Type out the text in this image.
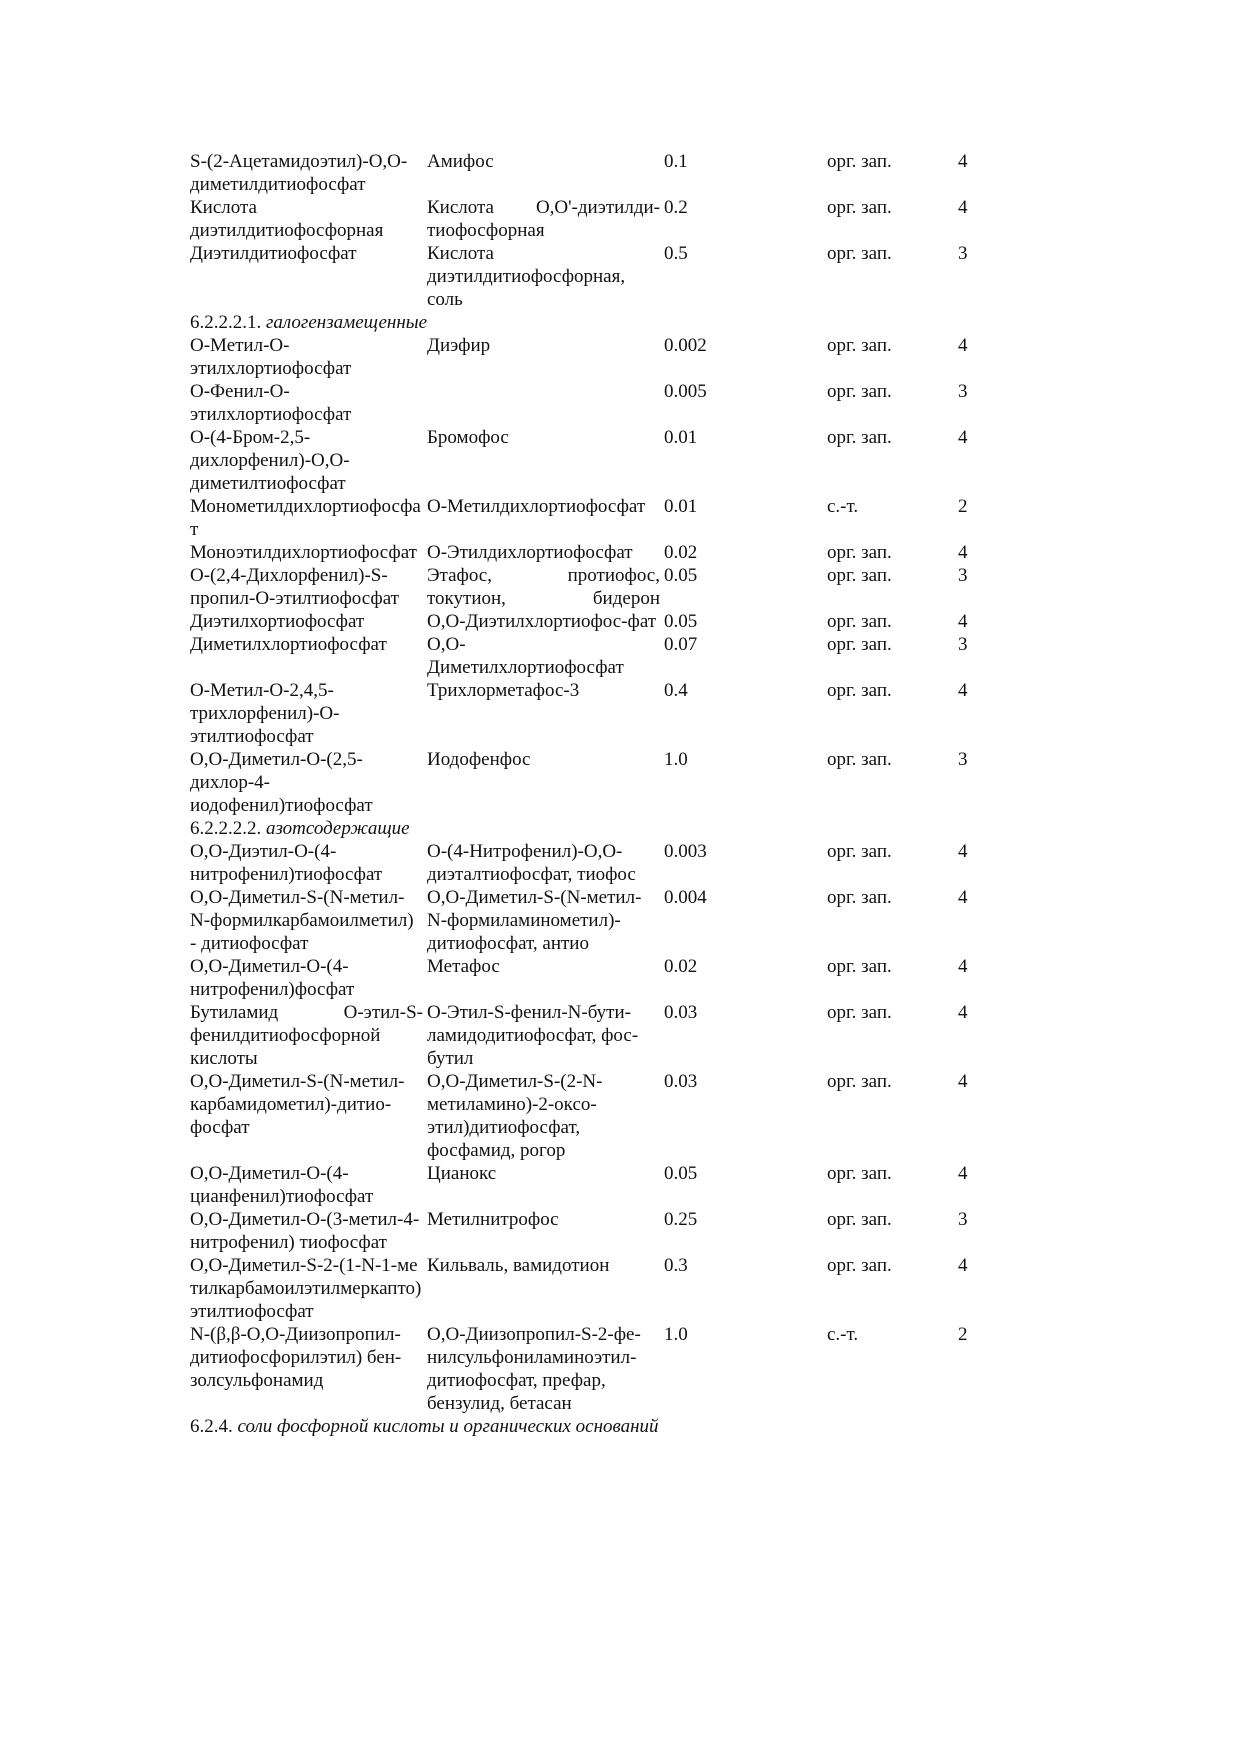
S-(2-Ацетамидоэтил)-O,O-диметилдитиофосфат	Амифос	0.1	орг. зап.	4
Кислота диэтилдитиофосфорная	Кислота О,О'-диэтилди-тиофосфорная	0.2	орг. зап.	4
Диэтилдитиофосфат	Кислота диэтилдитиофосфорная, соль	0.5	орг. зап.	3
6.2.2.2.1. галогензамещенные				
О-Метил-О-этилхлортиофосфат	Диэфир	0.002	орг. зап.	4
О-Фенил-О-этилхлортиофосфат		0.005	орг. зап.	3
O-(4-Бром-2,5-дихлорфенил)-О,О-диметилтиофосфат	Бромофос	0.01	орг. зап.	4
Монометилдихлортиофосфат	О-Метилдихлортиофосфат	0.01	с.-т.	2
Моноэтилдихлортиофосфат	О-Этилдихлортиофосфат	0.02	орг. зап.	4
О-(2,4-Дихлорфенил)-S-пропил-О-этилтиофосфат	Этафос, протиофос, токутион, бидерон	0.05	орг. зап.	3
Диэтилхортиофосфат	О,О-Диэтилхлортиофос-фат	0.05	орг. зап.	4
Диметилхлортиофосфат	О,О-Диметилхлортиофосфат	0.07	орг. зап.	3
О-Метил-О-2,4,5-трихлорфенил)-О-этилтиофосфат	Трихлорметафос-3	0.4	орг. зап.	4
О,О-Диметил-О-(2,5-дихлор-4-иодофенил)тиофосфат	Иодофенфос	1.0	орг. зап.	3
6.2.2.2.2. азотсодержащие				
О,О-Диэтил-О-(4-нитрофенил)тиофосфат	О-(4-Нитрофенил)-О,О-диэталтиофосфат, тиофос	0.003	орг. зап.	4
О,О-Диметил-S-(N-метил-N-формилкарбамоилметил) - дитиофосфат	О,О-Диметил-S-(N-метил-N-формиламинометил)-дитиофосфат, антио	0.004	орг. зап.	4
О,О-Диметил-О-(4-нитрофенил)фосфат	Метафос	0.02	орг. зап.	4
Бутиламид О-этил-S-фенилдитиофосфорной кислоты	О-Этил-S-фенил-N-бути-ламидодитиофосфат, фос-бутил	0.03	орг. зап.	4
О,О-Диметил-S-(N-метил- карбамидометил)-дитио-фосфат	О,О-Диметил-S-(2-N-метиламино)-2-оксо-этил)дитиофосфат, фосфамид, рогор	0.03	орг. зап.	4
О,О-Диметил-О-(4-цианфенил)тиофосфат	Цианокс	0.05	орг. зап.	4
О,О-Диметил-О-(3-метил-4-нитрофенил) тиофосфат	Метилнитрофос	0.25	орг. зап.	3
О,О-Диметил-S-2-(1-N-1-метилкарбамоилэтилмеркапто)этилтиофосфат	Кильваль, вамидотион	0.3	орг. зап.	4
N-(β,β-О,О-Диизопропил-дитиофосфорилэтил) бен-золсульфонамид	О,О-Диизопропил-S-2-фе-нилсульфониламиноэтил-дитиофосфат, префар, бензулид, бетасан	1.0	с.-т.	2
6.2.4. соли фосфорной кислоты и органических оснований				
